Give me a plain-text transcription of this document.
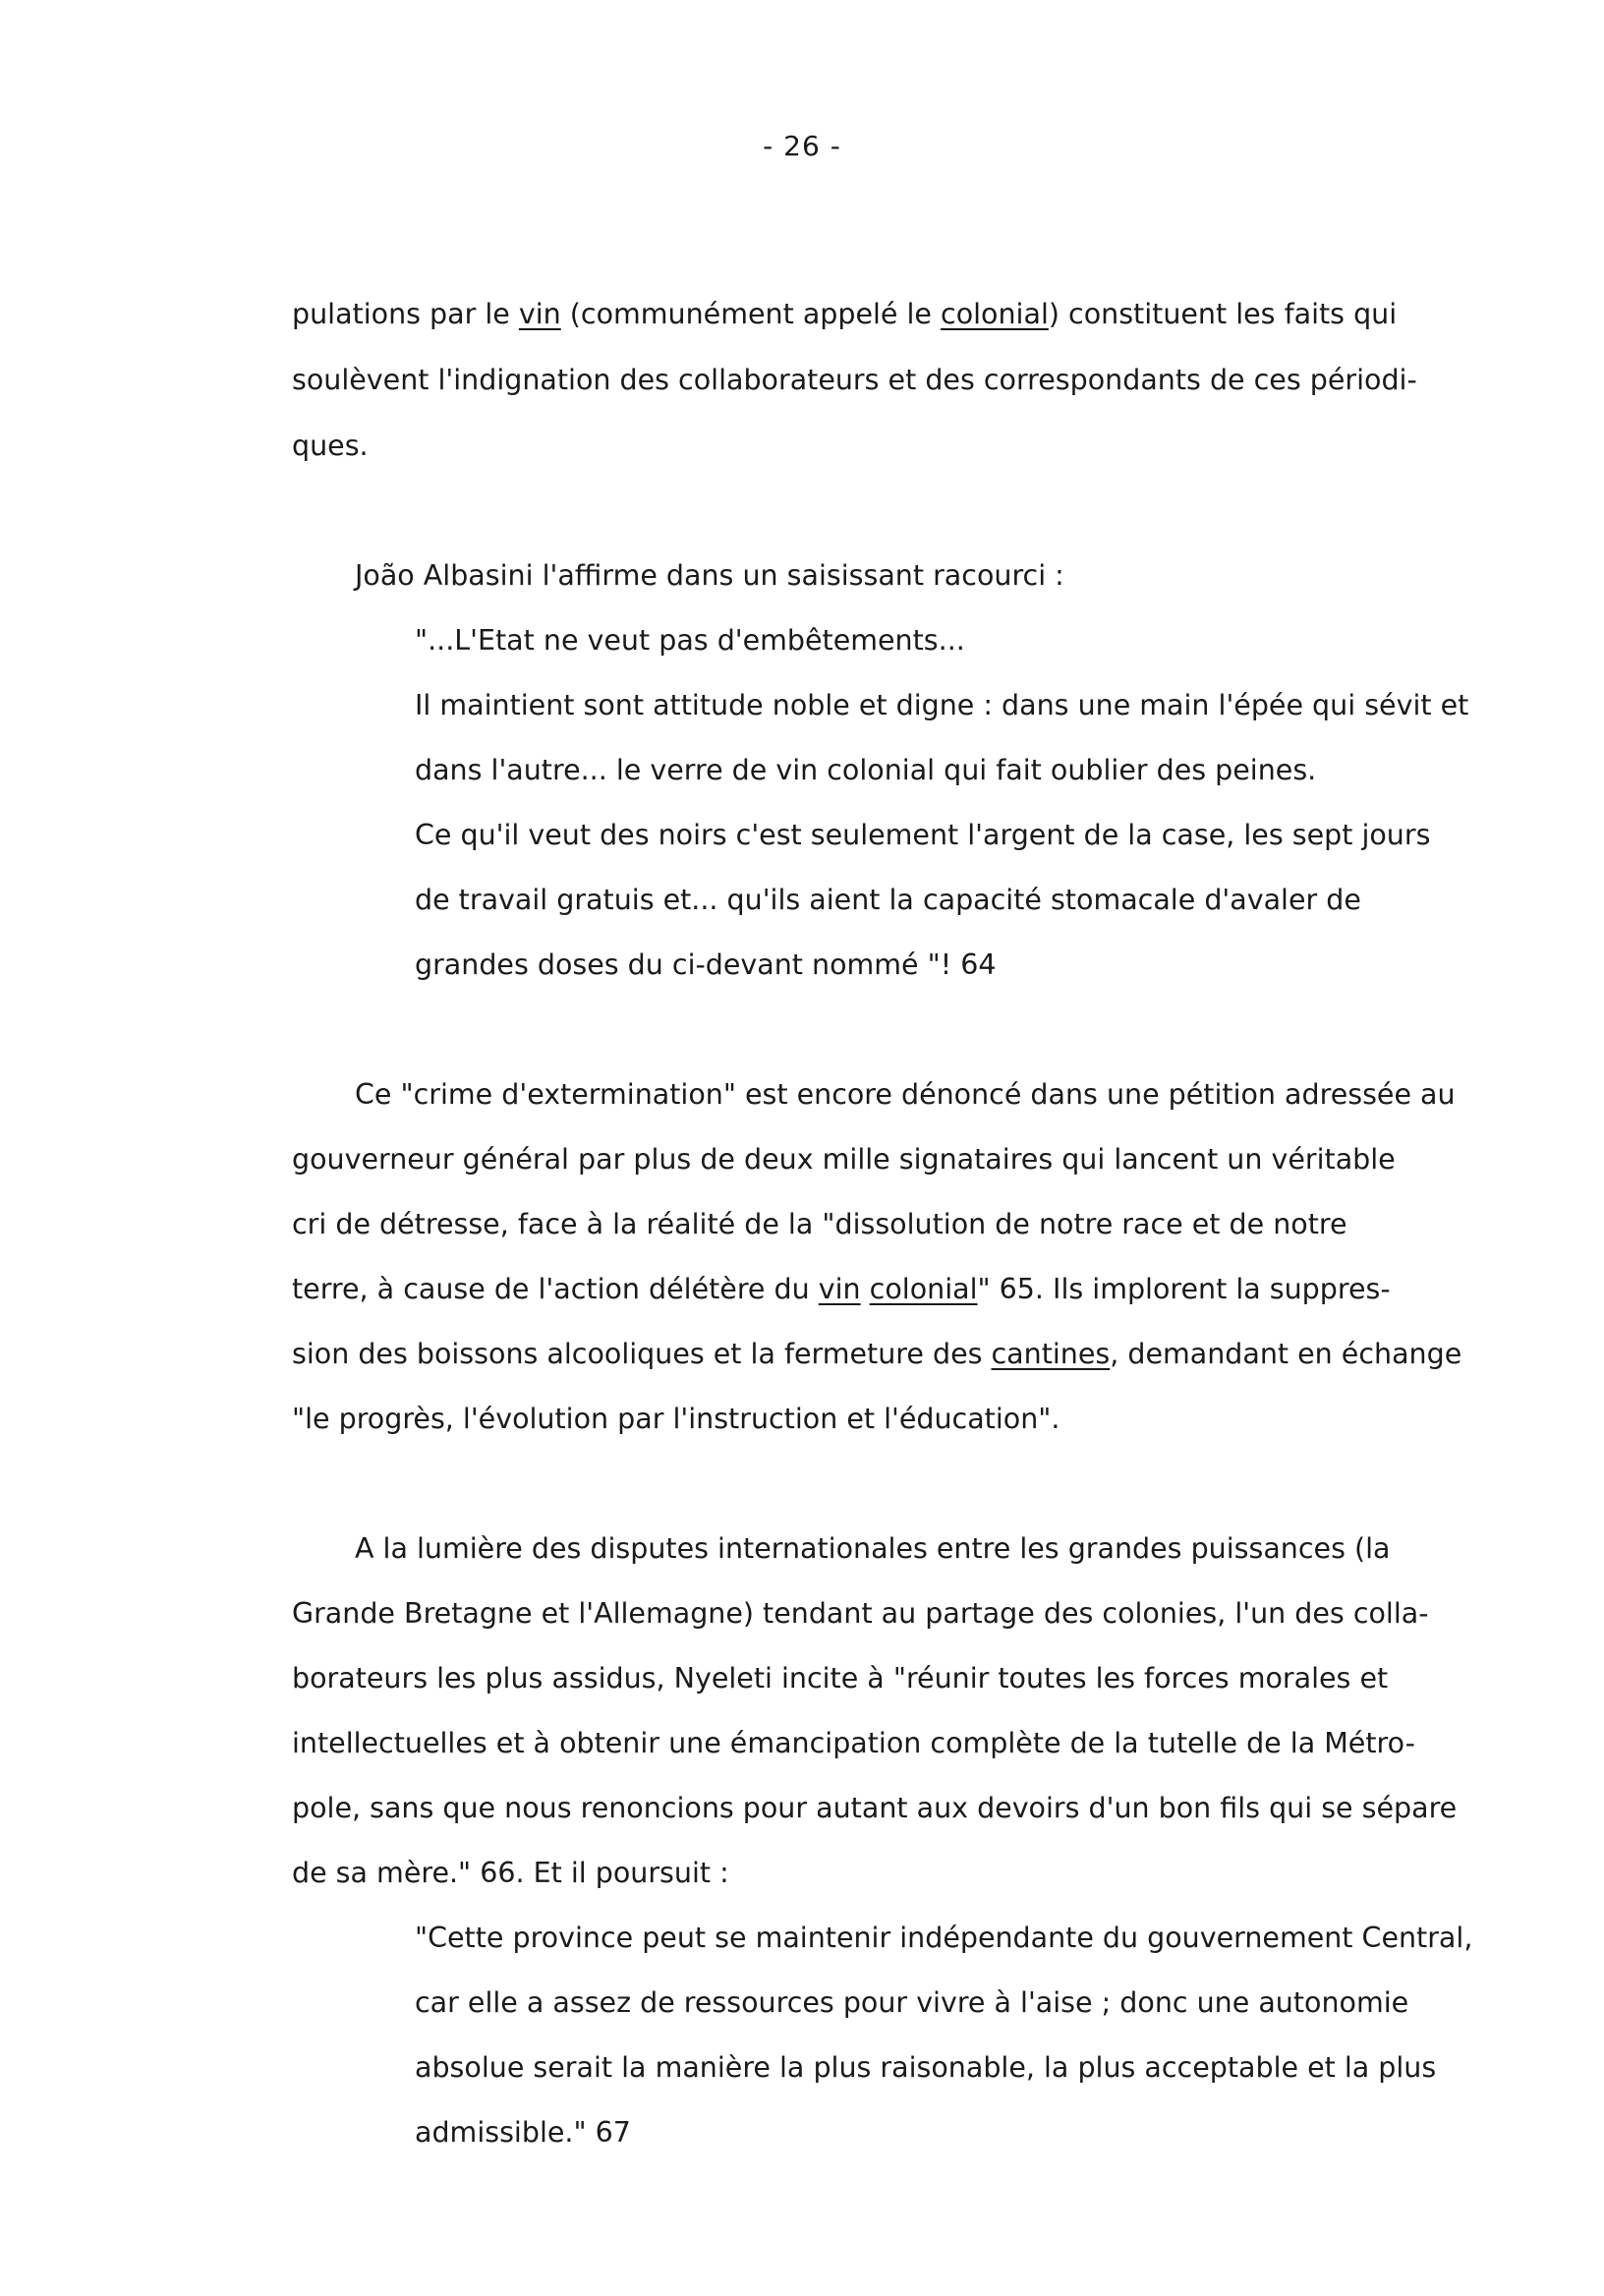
- 26 -
pulations par le vin (communément appelé le colonial) constituent les faits qui
soulèvent l'indignation des collaborateurs et des correspondants de ces périodi-
ques.
João Albasini l'affirme dans un saisissant racourci :
"...L'Etat ne veut pas d'embêtements...
Il maintient sont attitude noble et digne : dans une main l'épée qui sévit et
dans l'autre... le verre de vin colonial qui fait oublier des peines.
Ce qu'il veut des noirs c'est seulement l'argent de la case, les sept jours
de travail gratuis et... qu'ils aient la capacité stomacale d'avaler de
grandes doses du ci-devant nommé "! 64
Ce "crime d'extermination" est encore dénoncé dans une pétition adressée au
gouverneur général par plus de deux mille signataires qui lancent un véritable
cri de détresse, face à la réalité de la "dissolution de notre race et de notre
terre, à cause de l'action délétère du vin colonial" 65. Ils implorent la suppres-
sion des boissons alcooliques et la fermeture des cantines, demandant en échange
"le progrès, l'évolution par l'instruction et l'éducation".
A la lumière des disputes internationales entre les grandes puissances (la
Grande Bretagne et l'Allemagne) tendant au partage des colonies, l'un des colla-
borateurs les plus assidus, Nyeleti incite à "réunir toutes les forces morales et
intellectuelles et à obtenir une émancipation complète de la tutelle de la Métro-
pole, sans que nous renoncions pour autant aux devoirs d'un bon fils qui se sépare
de sa mère." 66. Et il poursuit :
"Cette province peut se maintenir indépendante du gouvernement Central,
car elle a assez de ressources pour vivre à l'aise ; donc une autonomie
absolue serait la manière la plus raisonable, la plus acceptable et la plus
admissible." 67
